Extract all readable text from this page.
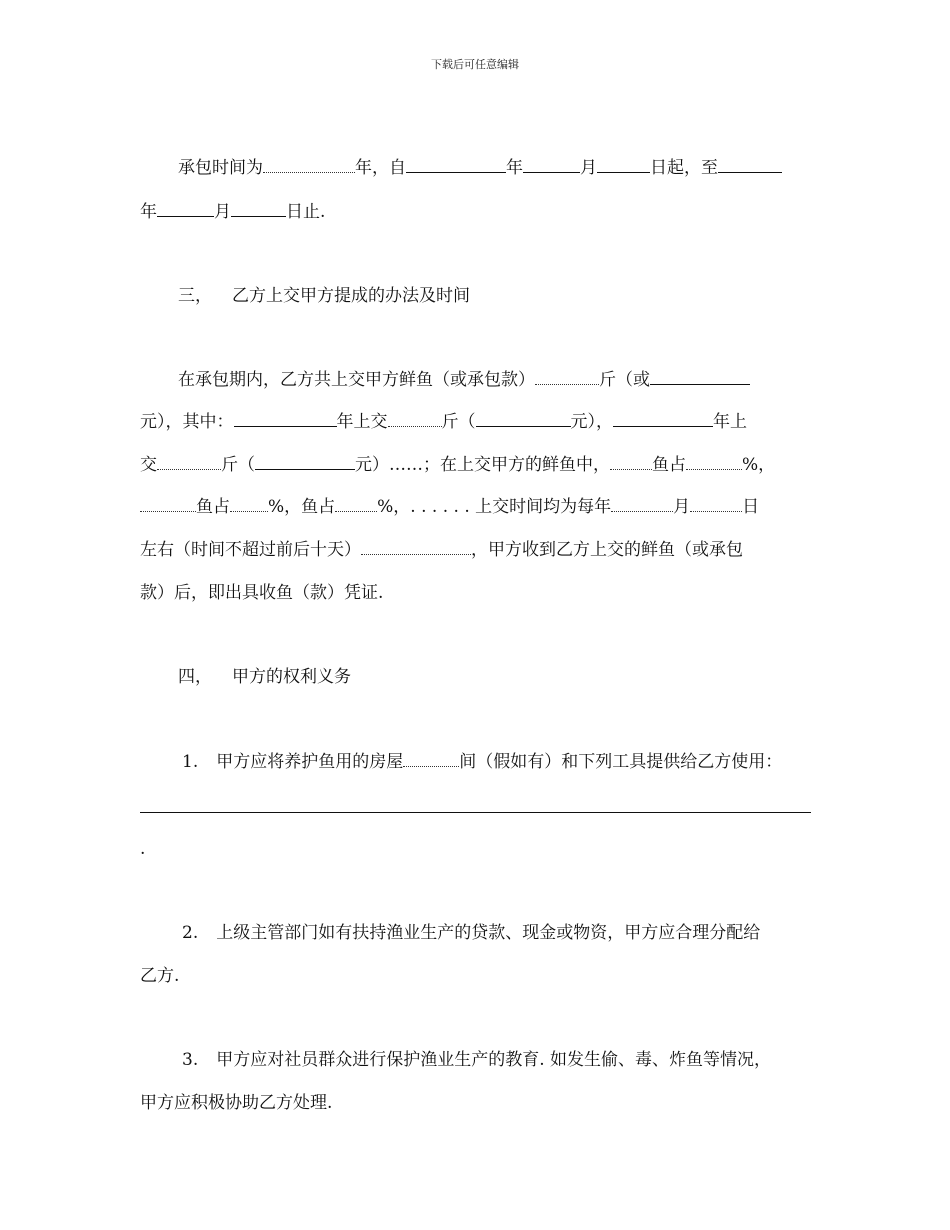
下载后可任意编辑
承包时间为	年，自	年	月	日起，至
年	月	日止.
三， 乙方上交甲方提成的办法及时间
在承包期内，乙方共上交甲方鲜鱼（或承包款）	斤（或
元），其中：	年上交	斤（	元），	年上
交	斤（	元）……；在上交甲方的鲜鱼中， 鱼占	%，
鱼占 %，鱼占 %，. . . . . . 上交时间均为每年	月	日
左右（时间不超过前后十天）	，甲方收到乙方上交的鲜鱼（或承包
款）后，即出具收鱼（款）凭证.
四， 甲方的权利义务
1. 甲方应将养护鱼用的房屋	间（假如有）和下列工具提供给乙方使用：
.
2. 上级主管部门如有扶持渔业生产的贷款、现金或物资，甲方应合理分配给
乙方.
3. 甲方应对社员群众进行保护渔业生产的教育. 如发生偷、毒、炸鱼等情况，
甲方应积极协助乙方处理.
